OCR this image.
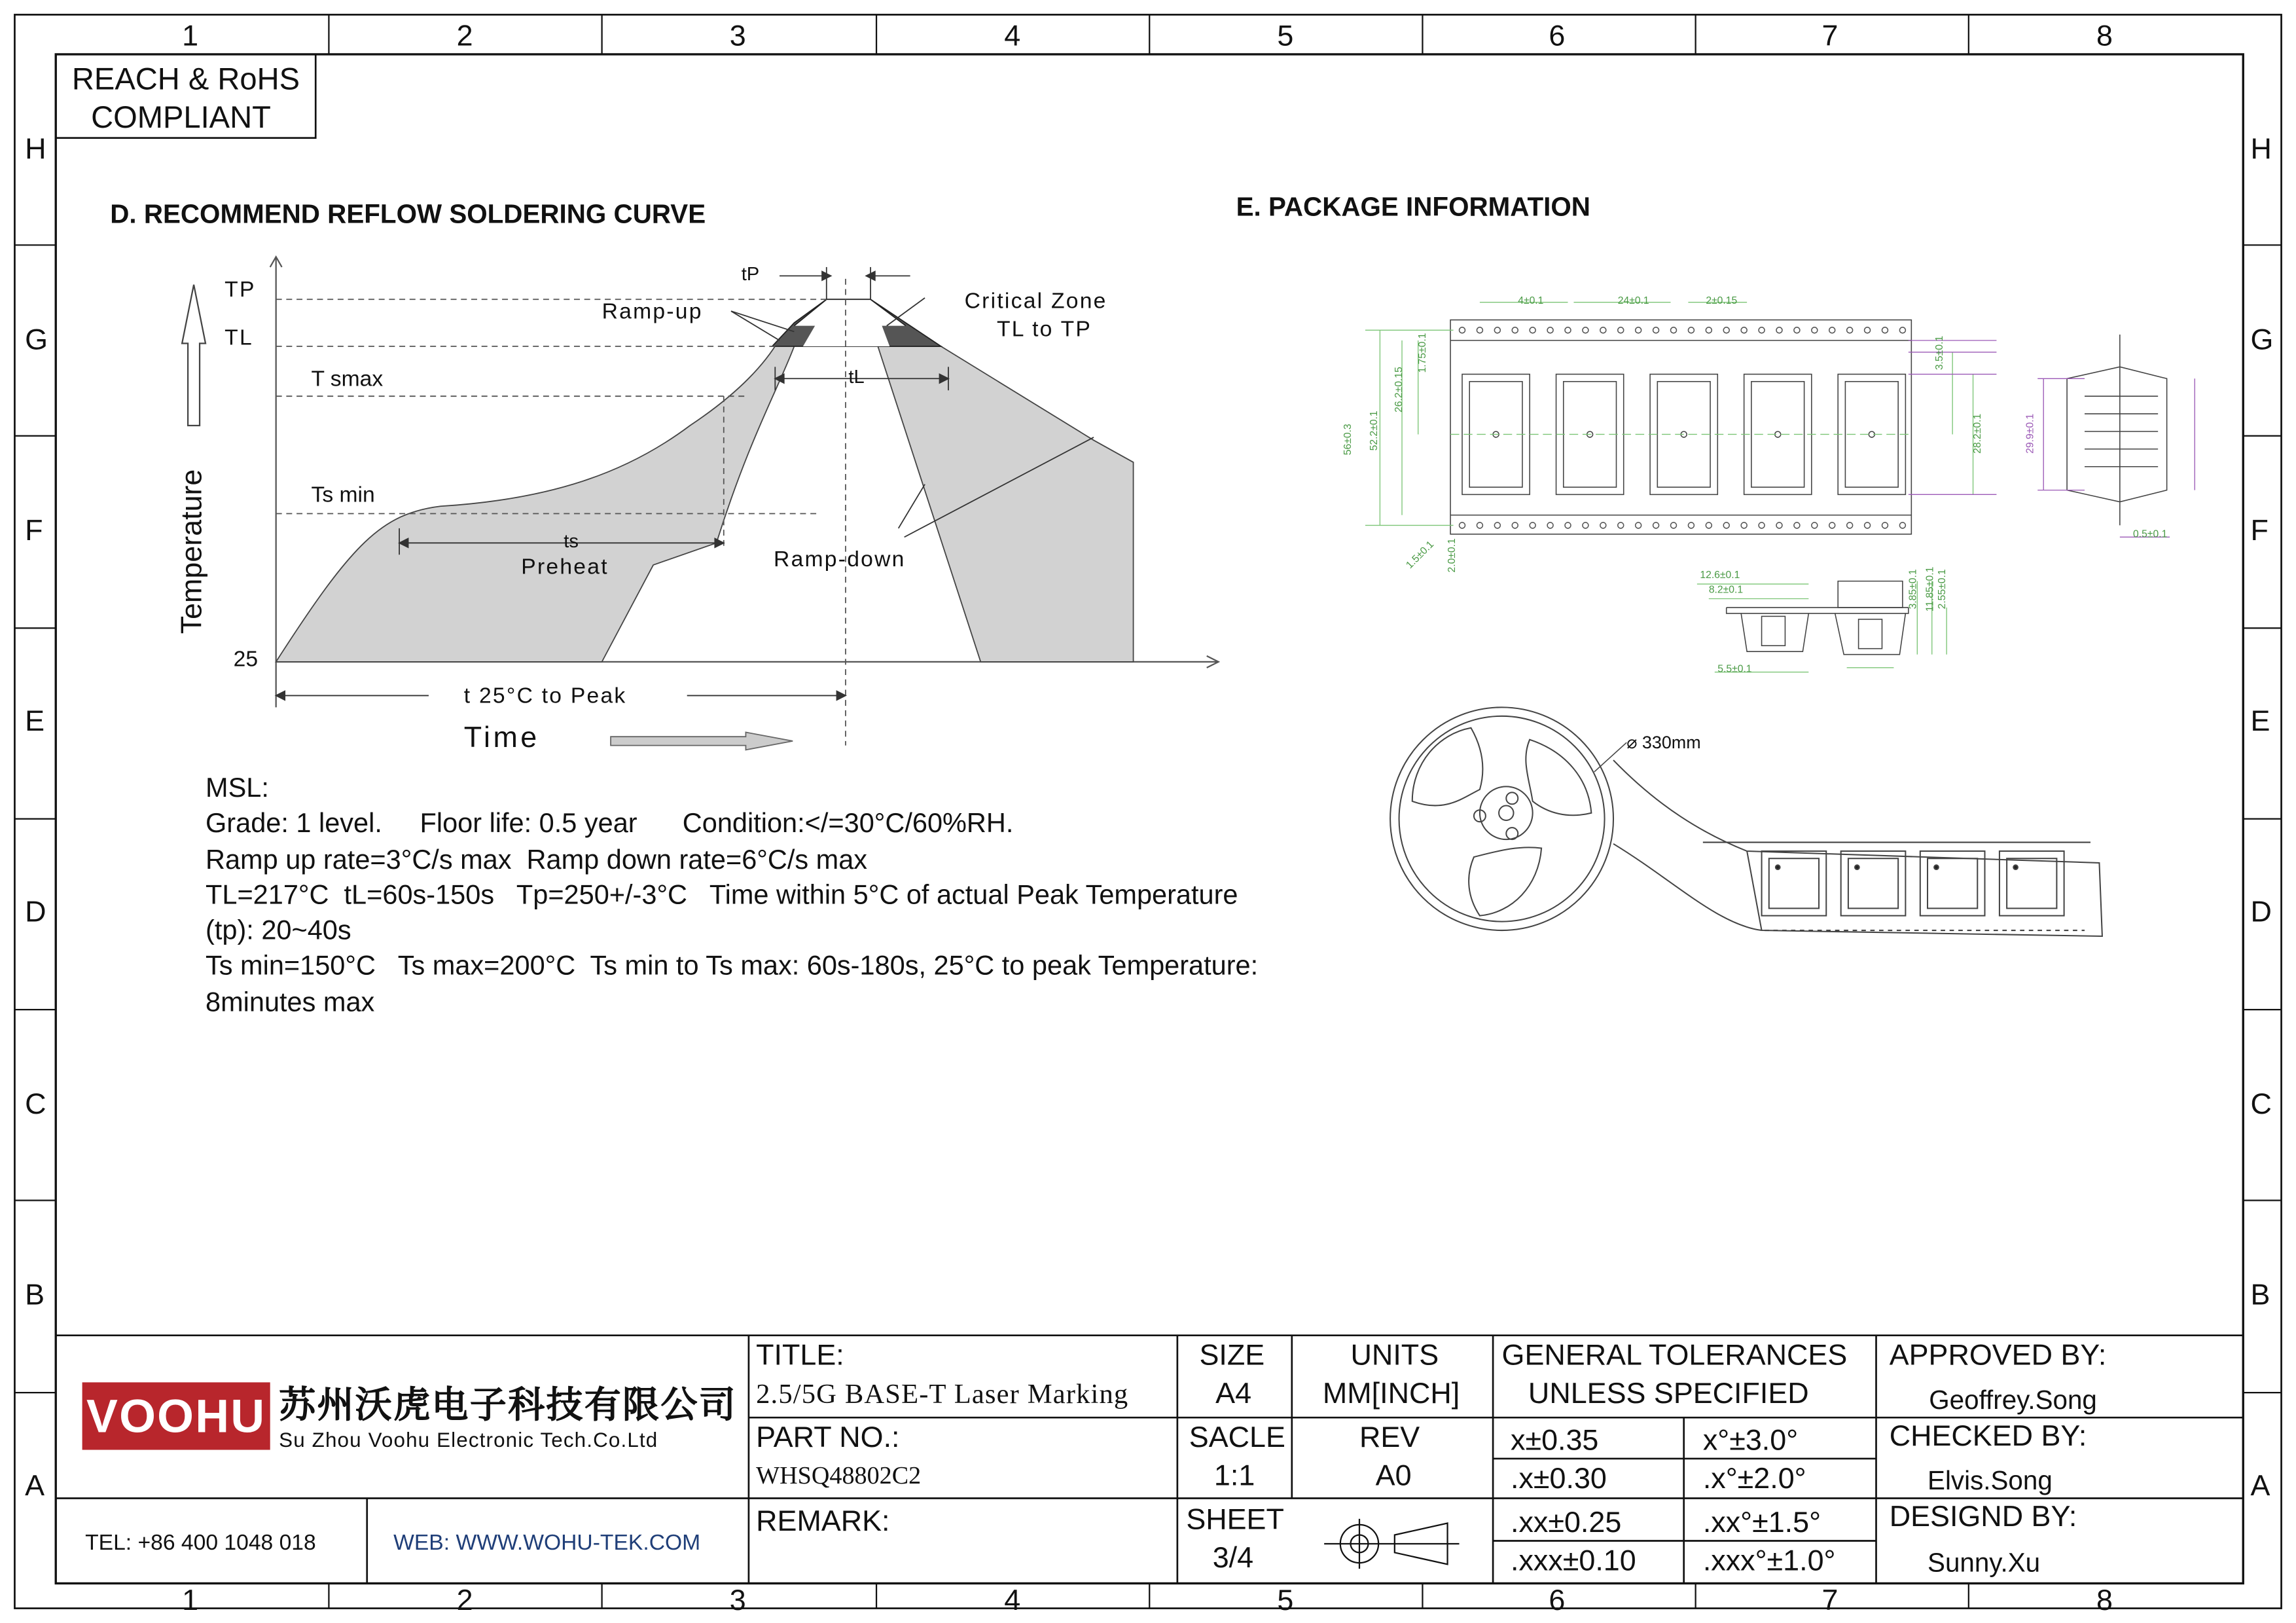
1	2	3	4	5	6	7	8
1	2	3	4	5	6	7	8
H
G
F
E
D
C
B
A
H
G
F
E
D
C
B
A
REACH & RoHS
COMPLIANT
D. RECOMMEND REFLOW SOLDERING CURVE
Temperature
Time
TP
TL
T smax
Ts min
25
tP
tL
ts
Ramp-up
Ramp-down
Preheat
Critical Zone
TL to TP
t 25°C to Peak
MSL:
Grade: 1 level.     Floor life: 0.5 year      Condition:</=30°C/60%RH.
Ramp up rate=3°C/s max  Ramp down rate=6°C/s max
TL=217°C  tL=60s-150s   Tp=250+/-3°C   Time within 5°C of actual Peak Temperature
(tp): 20~40s
Ts min=150°C   Ts max=200°C  Ts min to Ts max: 60s-180s, 25°C to peak Temperature:
8minutes max
E. PACKAGE INFORMATION
⌀ 330mm
4±0.1	24±0.1	2±0.15
56±0.3	52.2±0.1
26.2±0.15
1.75±0.1
1.5±0.1 2.0±0.1
28.2±0.1
3.5±0.1
29.9±0.1
0.5±0.1
12.6±0.1
8.2±0.1
5.5±0.1
3.85±0.1 11.85±0.1 2.55±0.1
VOOHU 苏州沃虎电子科技有限公司
Su Zhou Voohu Electronic Tech.Co.Ltd
TEL: +86 400 1048 018	WEB: WWW.WOHU-TEK.COM
TITLE:
2.5/5G BASE-T Laser Marking
PART NO.:
WHSQ48802C2
REMARK:
SIZE
A4
UNITS
MM[INCH]
SACLE
1:1
REV
A0
SHEET
3/4
GENERAL TOLERANCES
UNLESS SPECIFIED
x±0.35	x°±3.0°
.x±0.30	.x°±2.0°
.xx±0.25	.xx°±1.5°
.xxx±0.10	.xxx°±1.0°
APPROVED BY:
Geoffrey.Song
CHECKED BY:
Elvis.Song
DESIGND BY:
Sunny.Xu
